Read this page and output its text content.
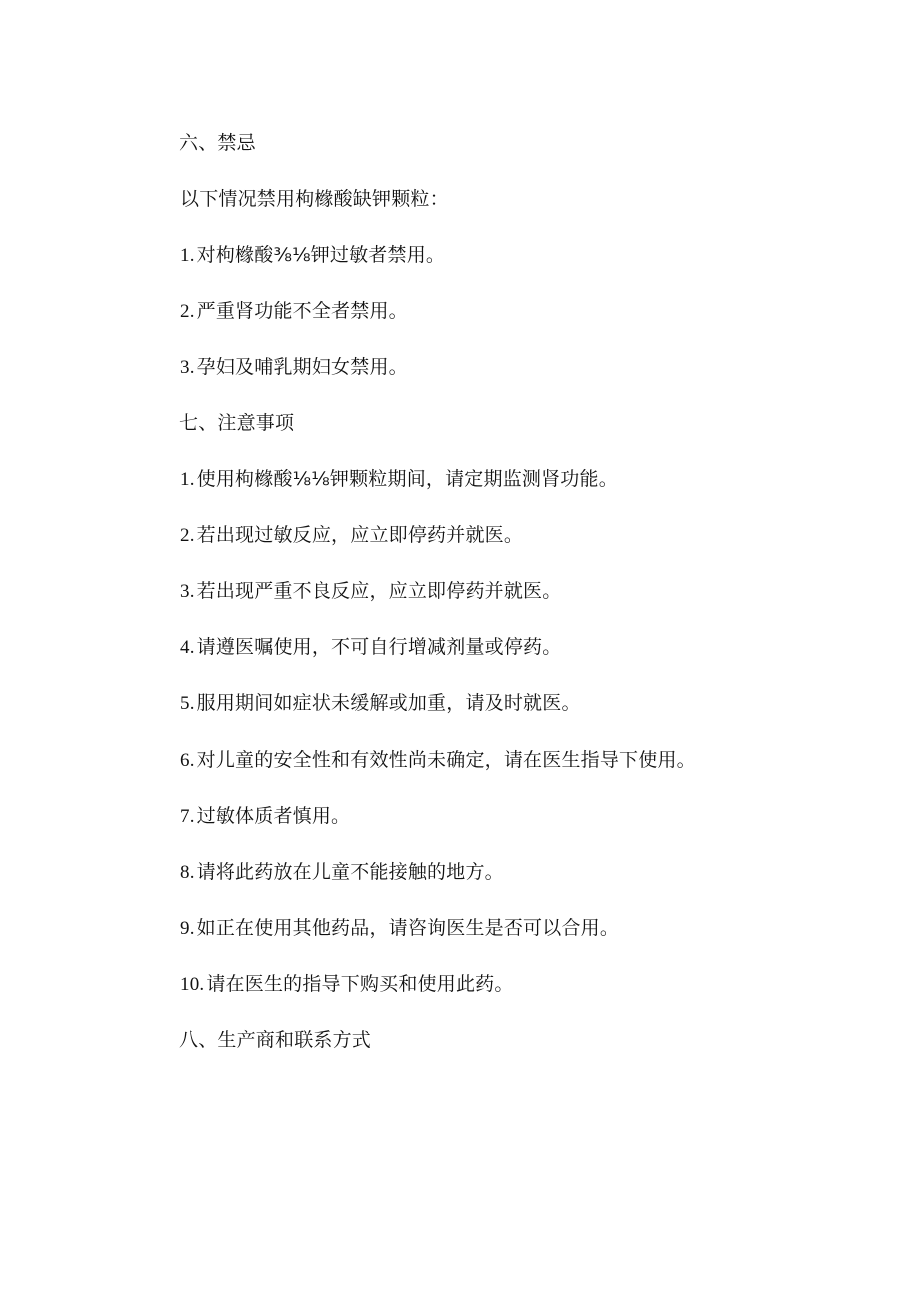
六、禁忌
以下情况禁用枸橼酸缺钾颗粒：
1. 对枸橼酸⅜⅛钾过敏者禁用。
2. 严重肾功能不全者禁用。
3. 孕妇及哺乳期妇女禁用。
七、注意事项
1. 使用枸橼酸⅛⅛钾颗粒期间，请定期监测肾功能。
2. 若出现过敏反应，应立即停药并就医。
3. 若出现严重不良反应，应立即停药并就医。
4. 请遵医嘱使用，不可自行增减剂量或停药。
5. 服用期间如症状未缓解或加重，请及时就医。
6. 对儿童的安全性和有效性尚未确定，请在医生指导下使用。
7. 过敏体质者慎用。
8. 请将此药放在儿童不能接触的地方。
9. 如正在使用其他药品，请咨询医生是否可以合用。
10. 请在医生的指导下购买和使用此药。
八、生产商和联系方式
